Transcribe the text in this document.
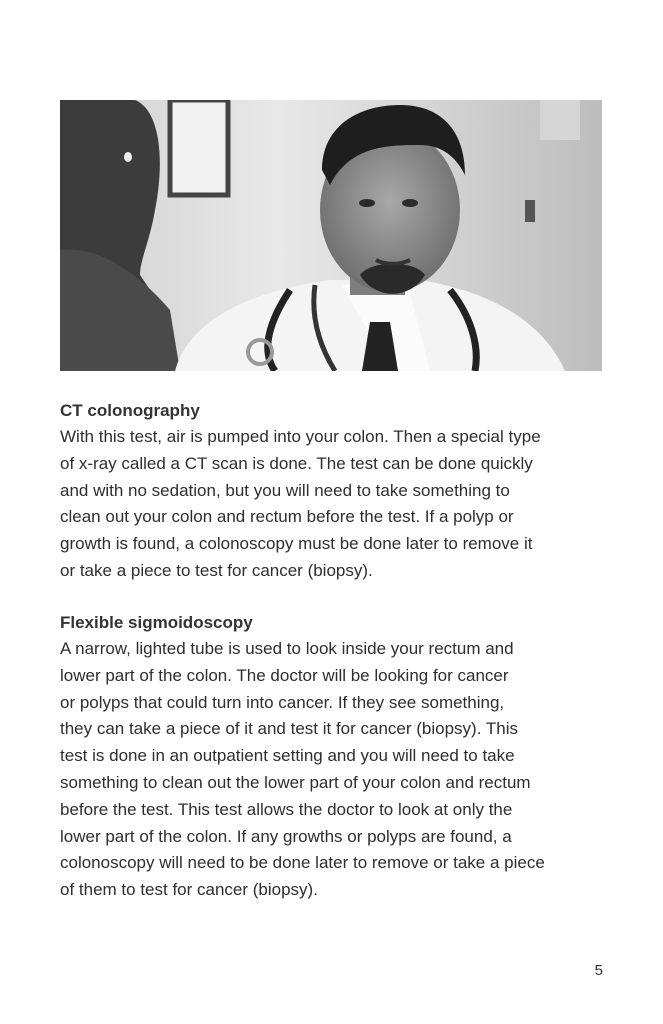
CT colonography
With this test, air is pumped into your colon. Then a special type
of x-ray called a CT scan is done. The test can be done quickly
and with no sedation, but you will need to take something to
clean out your colon and rectum before the test. If a polyp or
growth is found, a colonoscopy must be done later to remove it
or take a piece to test for cancer (biopsy).
Flexible sigmoidoscopy
A narrow, lighted tube is used to look inside your rectum and
lower part of the colon. The doctor will be looking for cancer
or polyps that could turn into cancer. If they see something,
they can take a piece of it and test it for cancer (biopsy). This
test is done in an outpatient setting and you will need to take
something to clean out the lower part of your colon and rectum
before the test. This test allows the doctor to look at only the
lower part of the colon. If any growths or polyps are found, a
colonoscopy will need to be done later to remove or take a piece
of them to test for cancer (biopsy).
5
